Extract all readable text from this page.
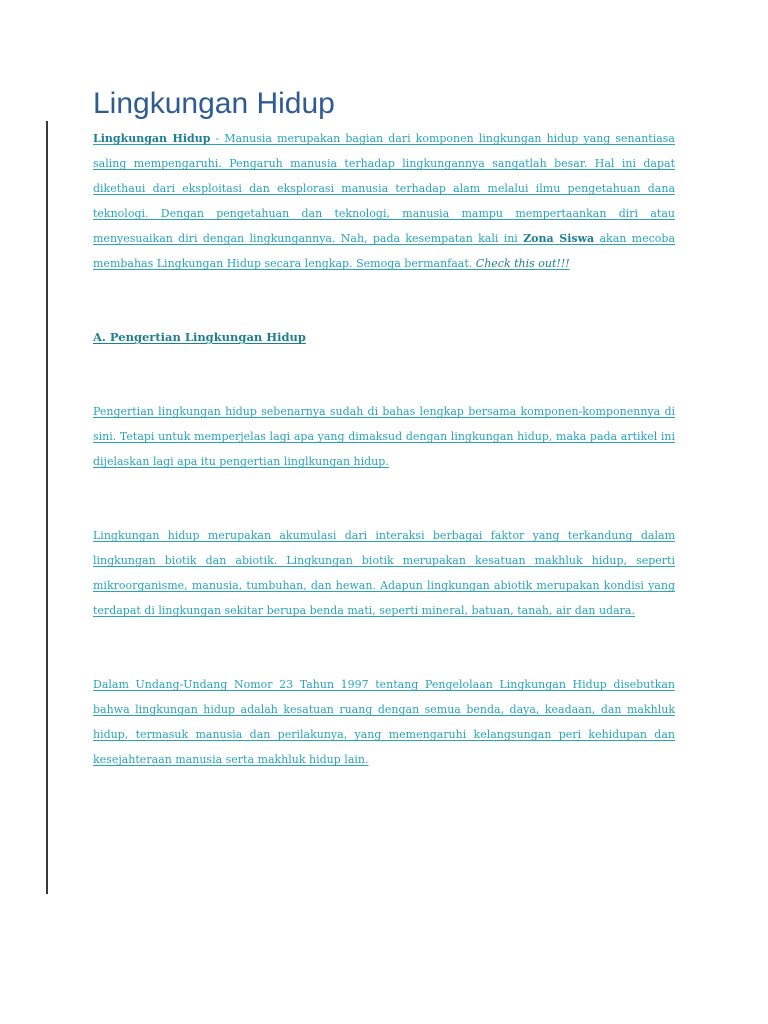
Lingkungan Hidup

Lingkungan Hidup - Manusia merupakan bagian dari komponen lingkungan hidup yang senantiasa saling mempengaruhi. Pengaruh manusia terhadap lingkungannya sangatlah besar. Hal ini dapat dikethaui dari eksploitasi dan eksplorasi manusia terhadap alam melalui ilmu pengetahuan dana teknologi. Dengan pengetahuan dan teknologi, manusia mampu mempertaankan diri atau menyesuaikan diri dengan lingkungannya. Nah, pada kesempatan kali ini Zona Siswa akan mecoba membahas Lingkungan Hidup secara lengkap. Semoga bermanfaat. Check this out!!!

A. Pengertian Lingkungan Hidup

Pengertian lingkungan hidup sebenarnya sudah di bahas lengkap bersama komponen-komponennya di sini. Tetapi untuk memperjelas lagi apa yang dimaksud dengan lingkungan hidup, maka pada artikel ini dijelaskan lagi apa itu pengertian linglkungan hidup.

Lingkungan hidup merupakan akumulasi dari interaksi berbagai faktor yang terkandung dalam lingkungan biotik dan abiotik. Lingkungan biotik merupakan kesatuan makhluk hidup, seperti mikroorganisme, manusia, tumbuhan, dan hewan. Adapun lingkungan abiotik merupakan kondisi yang terdapat di lingkungan sekitar berupa benda mati, seperti mineral, batuan, tanah, air dan udara.

Dalam Undang-Undang Nomor 23 Tahun 1997 tentang Pengelolaan Lingkungan Hidup disebutkan bahwa lingkungan hidup adalah kesatuan ruang dengan semua benda, daya, keadaan, dan makhluk hidup, termasuk manusia dan perilakunya, yang memengaruhi kelangsungan peri kehidupan dan kesejahteraan manusia serta makhluk hidup lain.
